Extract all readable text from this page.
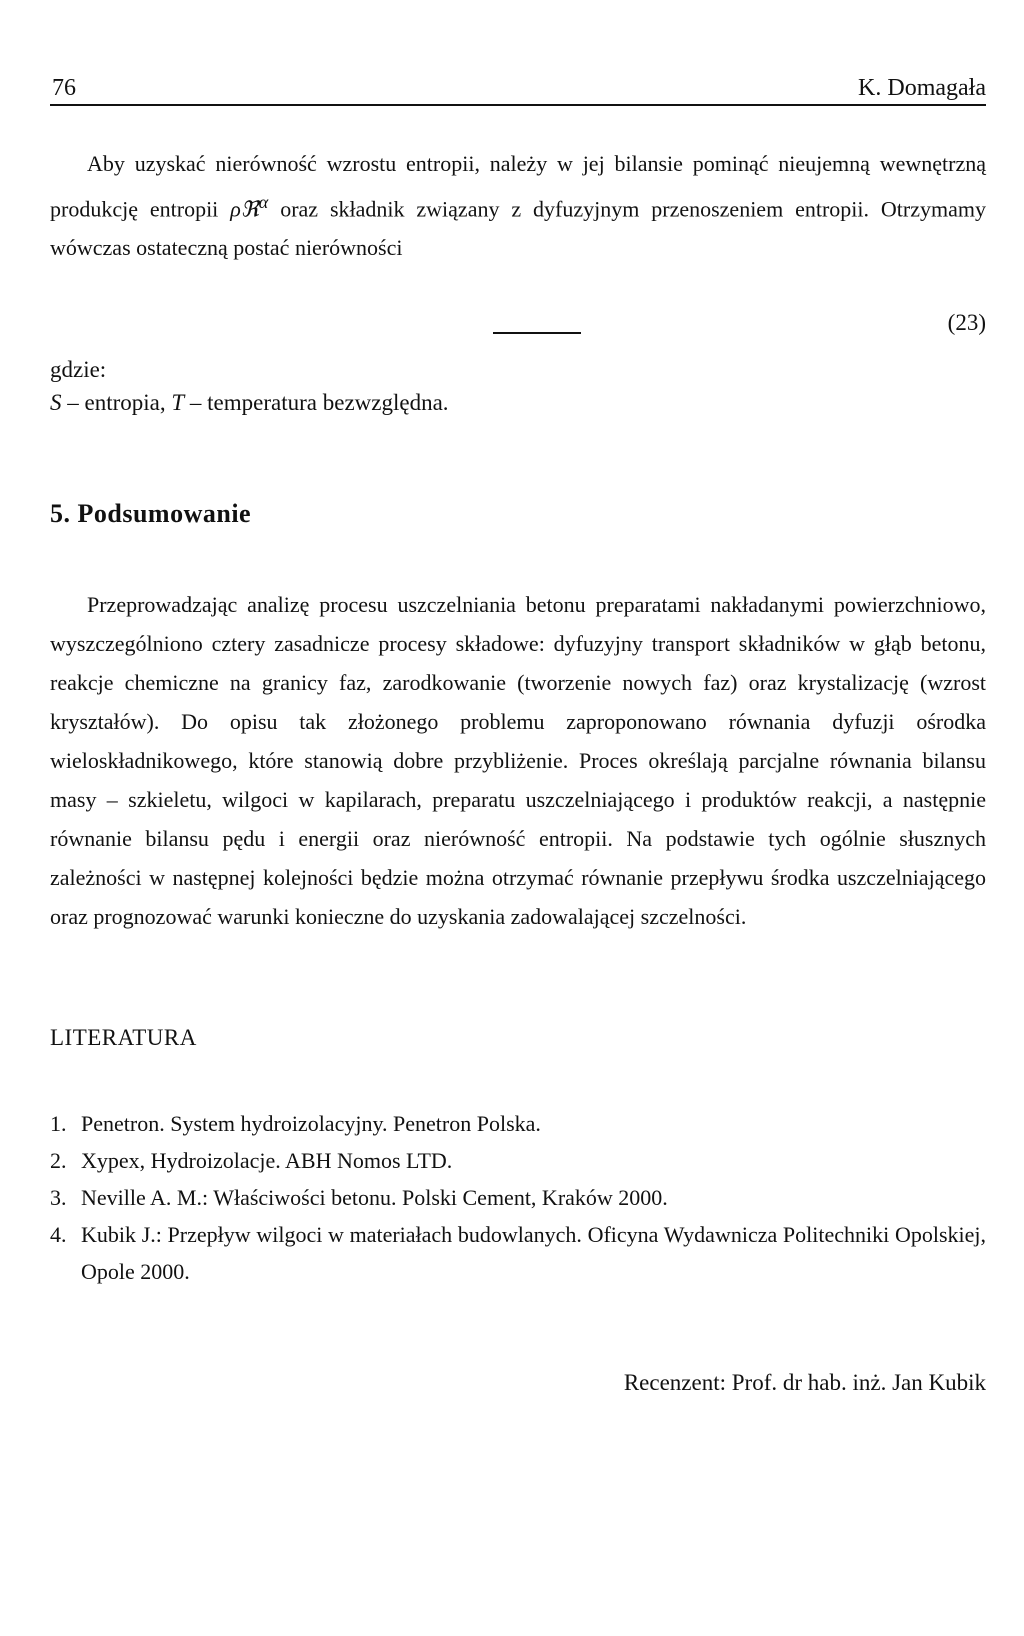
76	K. Domagała

Aby uzyskać nierówność wzrostu entropii, należy w jej bilansie pominąć nieujemną wewnętrzną produkcję entropii ρℜ$^\alpha$ oraz składnik związany z dyfuzyjnym przenoszeniem entropii. Otrzymamy wówczas ostateczną postać nierówności

(23)
gdzie:
S – entropia, T – temperatura bezwzględna.
5. Podsumowanie

Przeprowadzając analizę procesu uszczelniania betonu preparatami nakładanymi powierzchniowo, wyszczególniono cztery zasadnicze procesy składowe: dyfuzyjny transport składników w głąb betonu, reakcje chemiczne na granicy faz, zarodkowanie (tworzenie nowych faz) oraz krystalizację (wzrost kryształów). Do opisu tak złożonego problemu zaproponowano równania dyfuzji ośrodka wieloskładnikowego, które stanowią dobre przybliżenie. Proces określają parcjalne równania bilansu masy – szkieletu, wilgoci w kapilarach, preparatu uszczelniającego i produktów reakcji, a następnie równanie bilansu pędu i energii oraz nierówność entropii. Na podstawie tych ogólnie słusznych zależności w następnej kolejności będzie można otrzymać równanie przepływu środka uszczelniającego oraz prognozować warunki konieczne do uzyskania zadowalającej szczelności.

LITERATURA
1. Penetron. System hydroizolacyjny. Penetron Polska.
2. Xypex, Hydroizolacje. ABH Nomos LTD.
3. Neville A. M.: Właściwości betonu. Polski Cement, Kraków 2000.
4. Kubik J.: Przepływ wilgoci w materiałach budowlanych. Oficyna Wydawnicza Politechniki Opolskiej, Opole 2000.
Recenzent: Prof. dr hab. inż. Jan Kubik
